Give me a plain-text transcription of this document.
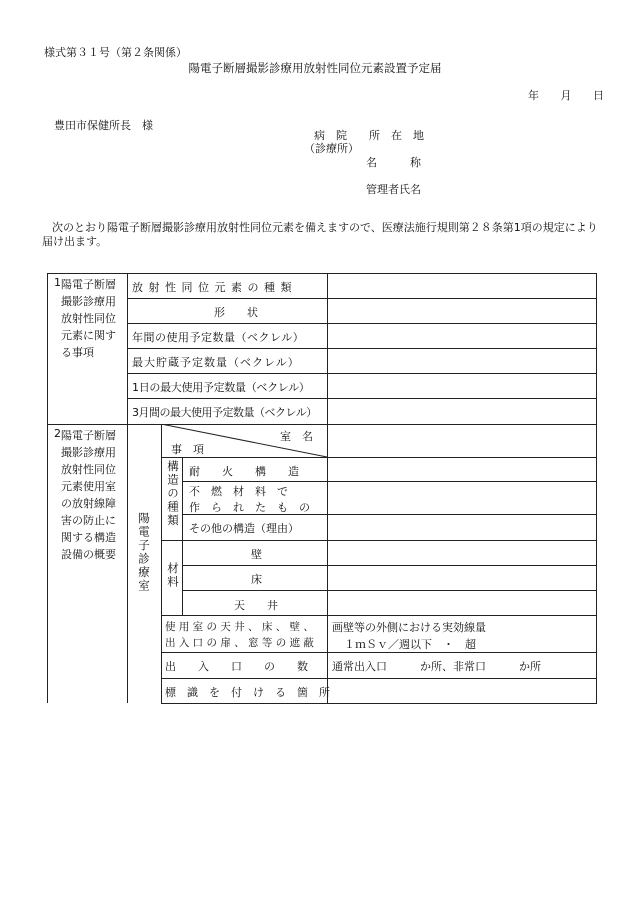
様式第３１号（第２条関係）
陽電子断層撮影診療用放射性同位元素設置予定届
年 月 日
豊田市保健所長　様
病　院　　所　在　地
（診療所）
名　　　称
管理者氏名
次のとおり陽電子断層撮影診療用放射性同位元素を備えますので、医療法施行規則第２８条第1項の規定により届け出ます。
1 陽電子断層撮影診療用放射性同位元素に関する事項
放 射 性 同 位 元 素 の 種 類
形　　状
年間の使用予定数量（ベクレル）
最大貯蔵予定数量（ベクレル）
1日の最大使用予定数量（ベクレル）
3月間の最大使用予定数量（ベクレル）
2 陽電子断層撮影診療用放射性同位元素使用室の放射線障害の防止に関する構造設備の概要	陽電子診療室
室　名
事　項
構造の種類 耐　　火　　構　　造
不　燃　材　料　で
作　ら　れ　た　も　の
その他の構造（理由）
材料
壁
床
天　　井
使 用 室 の 天 井 、 床 、 壁 、
出 入 口 の 扉 、 窓 等 の 遮 蔽
画壁等の外側における実効線量
１ｍＳｖ／週以下　・　超
出　　入　　口　　の　　数 通常出入口　　　か所、非常口　　　か所
標　識　を　付　け　る　箇　所
